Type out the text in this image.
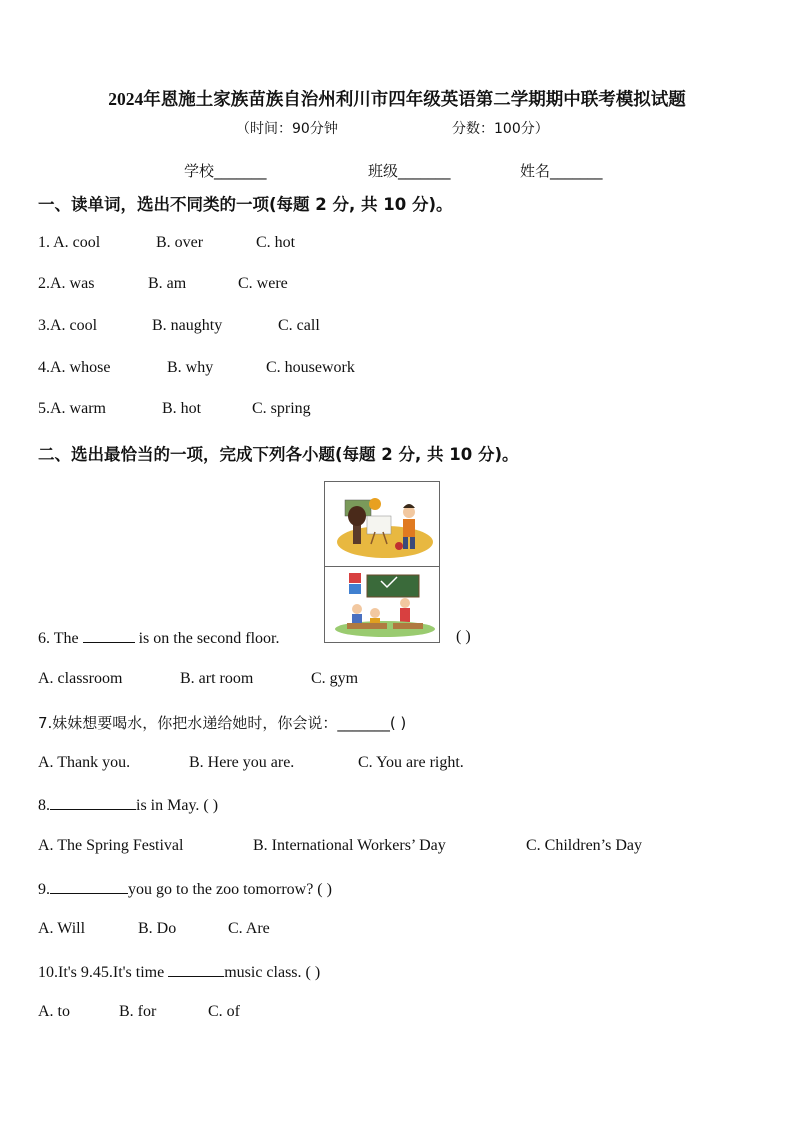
2024年恩施土家族苗族自治州利川市四年级英语第二学期期中联考模拟试题
（时间：90分钟	分数：100分）
学校_______	班级_______	姓名_______
一、读单词，选出不同类的一项(每题 2 分, 共 10 分)。
1. A. cool	B. over	C. hot
2.A. was	B. am	C. were
3.A. cool	B. naughty	C. call
4.A. whose	B. why	C. housework
5.A. warm	B. hot	C. spring
二、选出最恰当的一项，完成下列各小题(每题 2 分, 共 10 分)。
6. The	is on the second floor.	( )
A. classroom	B. art room	C. gym
7.妹妹想要喝水，你把水递给她时，你会说：_______( )
A. Thank you.	B. Here you are.	C. You are right.
8.	is in May. ( )
A. The Spring Festival	B. International Workers’ Day	C. Children’s Day
9.	you go to the zoo tomorrow? ( )
A. Will	B. Do	C. Are
10.It's 9.45.It's time	music class. ( )
A. to	B. for	C. of
